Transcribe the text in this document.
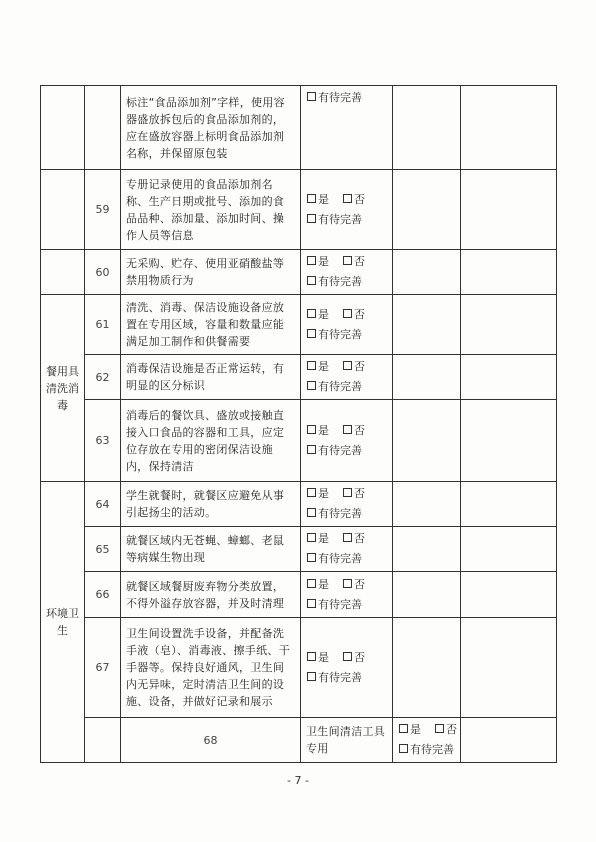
		标注“食品添加剂”字样，使用容器盛放拆包后的食品添加剂的，应在盛放容器上标明食品添加剂名称，并保留原包装	有待完善			

	59	专册记录使用的食品添加剂名称、生产日期或批号、添加的食品品种、添加量、添加时间、操作人员等信息	是 否
有待完善			

	60	无采购、贮存、使用亚硝酸盐等禁用物质行为	是 否
有待完善			

餐用具清洗消毒	61	清洗、消毒、保洁设施设备应放置在专用区域，容量和数量应能满足加工制作和供餐需要	是 否
有待完善			

	62	消毒保洁设施是否正常运转，有明显的区分标识	是 否
有待完善			

	63	消毒后的餐饮具、盛放或接触直接入口食品的容器和工具，应定位存放在专用的密闭保洁设施内，保持清洁	是 否
有待完善			

环境卫生	64	学生就餐时，就餐区应避免从事引起扬尘的活动。	是 否
有待完善			

	65	就餐区域内无苍蝇、蟑螂、老鼠等病媒生物出现	是 否
有待完善			

	66	就餐区域餐厨废弃物分类放置，不得外溢存放容器，并及时清理	是 否
有待完善			

	67	卫生间设置洗手设备，并配备洗手液（皂）、消毒液、擦手纸、干手器等。保持良好通风，卫生间内无异味，定时清洁卫生间的设施、设备，并做好记录和展示	是 否
有待完善			

		68	卫生间清洁工具专用	是 否
有待完善		

- 7 -
